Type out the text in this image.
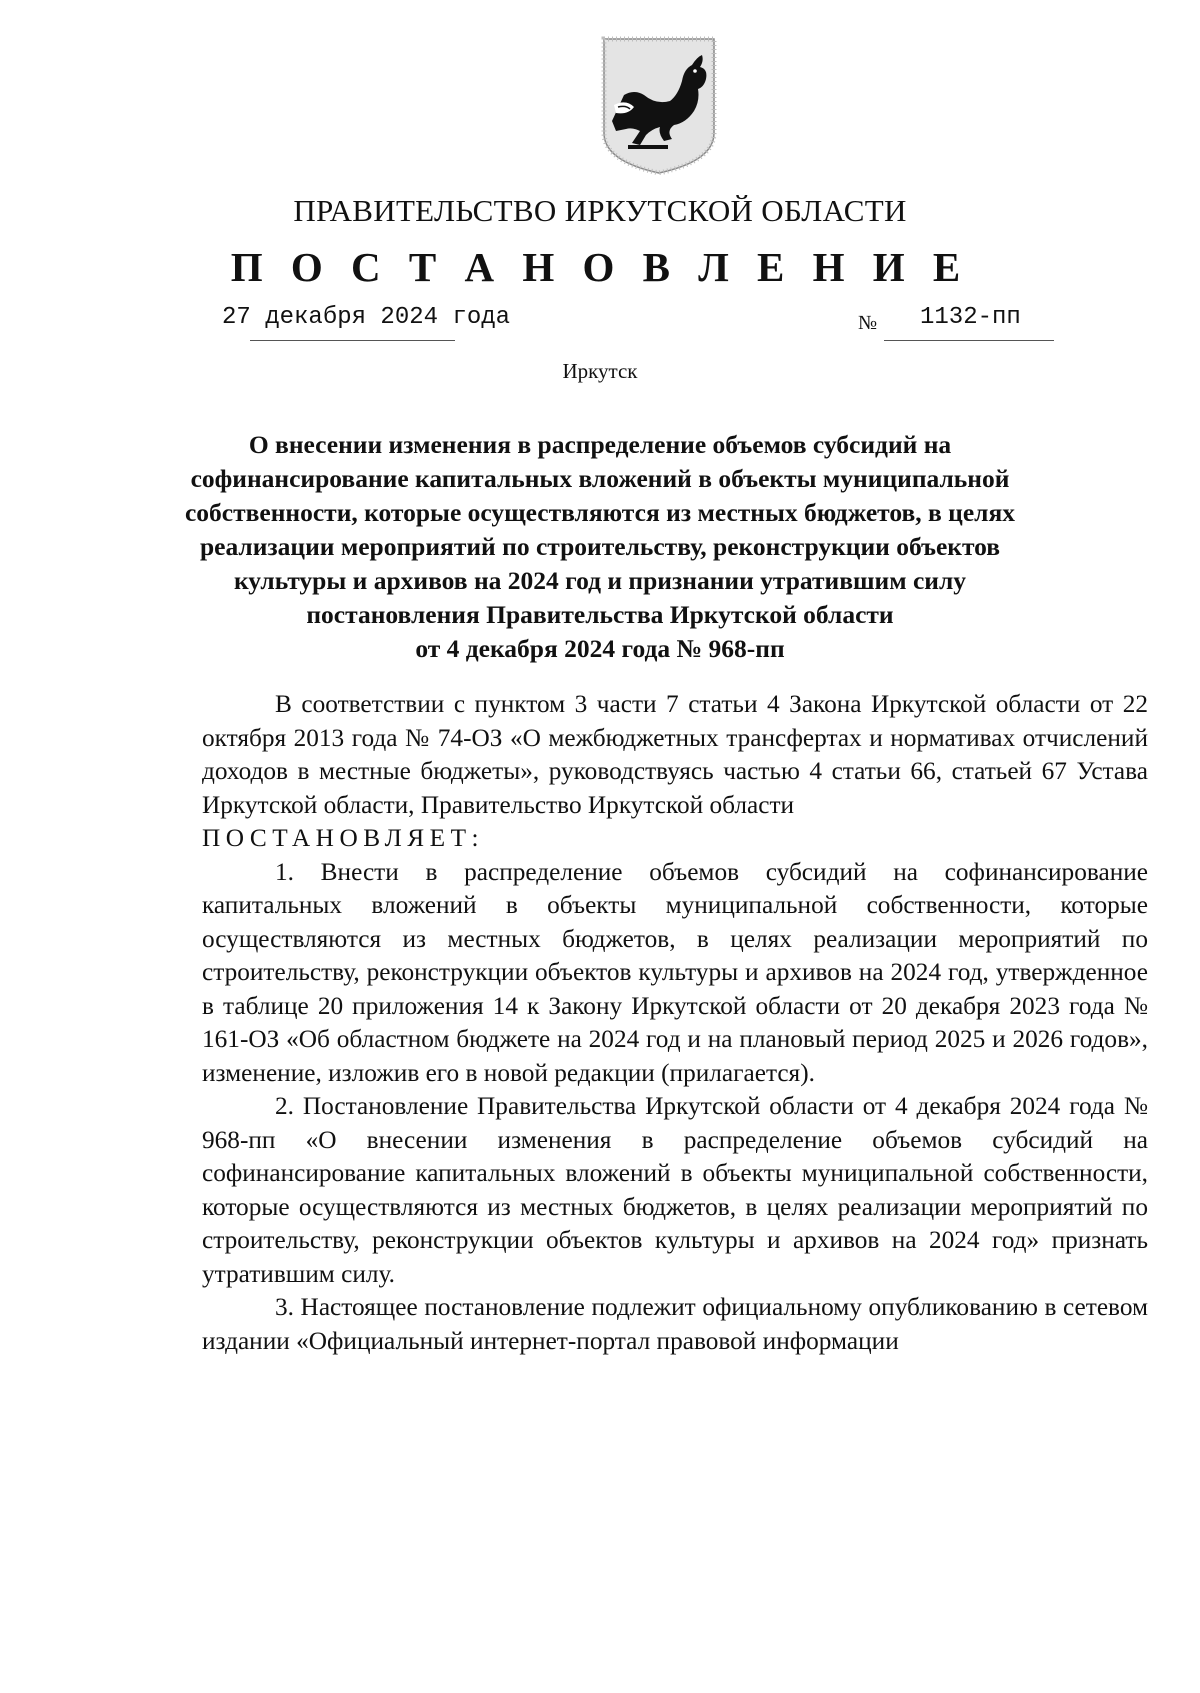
ПРАВИТЕЛЬСТВО ИРКУТСКОЙ ОБЛАСТИ
П О С Т А Н О В Л Е Н И Е
27 декабря 2024 года	№ 1132-пп
Иркутск
О внесении изменения в распределение объемов субсидий на
софинансирование капитальных вложений в объекты муниципальной
собственности, которые осуществляются из местных бюджетов, в целях
реализации мероприятий по строительству, реконструкции объектов
культуры и архивов на 2024 год и признании утратившим силу
постановления Правительства Иркутской области
от 4 декабря 2024 года № 968-пп

В соответствии с пунктом 3 части 7 статьи 4 Закона Иркутской области от 22 октября 2013 года № 74-ОЗ «О межбюджетных трансфертах и нормативах отчислений доходов в местные бюджеты», руководствуясь частью 4 статьи 66, статьей 67 Устава Иркутской области, Правительство Иркутской области

ПОСТАНОВЛЯЕТ:

1. Внести в распределение объемов субсидий на софинансирование капитальных вложений в объекты муниципальной собственности, которые осуществляются из местных бюджетов, в целях реализации мероприятий по строительству, реконструкции объектов культуры и архивов на 2024 год, утвержденное в таблице 20 приложения 14 к Закону Иркутской области от 20 декабря 2023 года № 161-ОЗ «Об областном бюджете на 2024 год и на плановый период 2025 и 2026 годов», изменение, изложив его в новой редакции (прилагается).

2. Постановление Правительства Иркутской области от 4 декабря 2024 года № 968-пп «О внесении изменения в распределение объемов субсидий на софинансирование капитальных вложений в объекты муниципальной собственности, которые осуществляются из местных бюджетов, в целях реализации мероприятий по строительству, реконструкции объектов культуры и архивов на 2024 год» признать утратившим силу.

3. Настоящее постановление подлежит официальному опубликованию в сетевом издании «Официальный интернет-портал правовой информации
